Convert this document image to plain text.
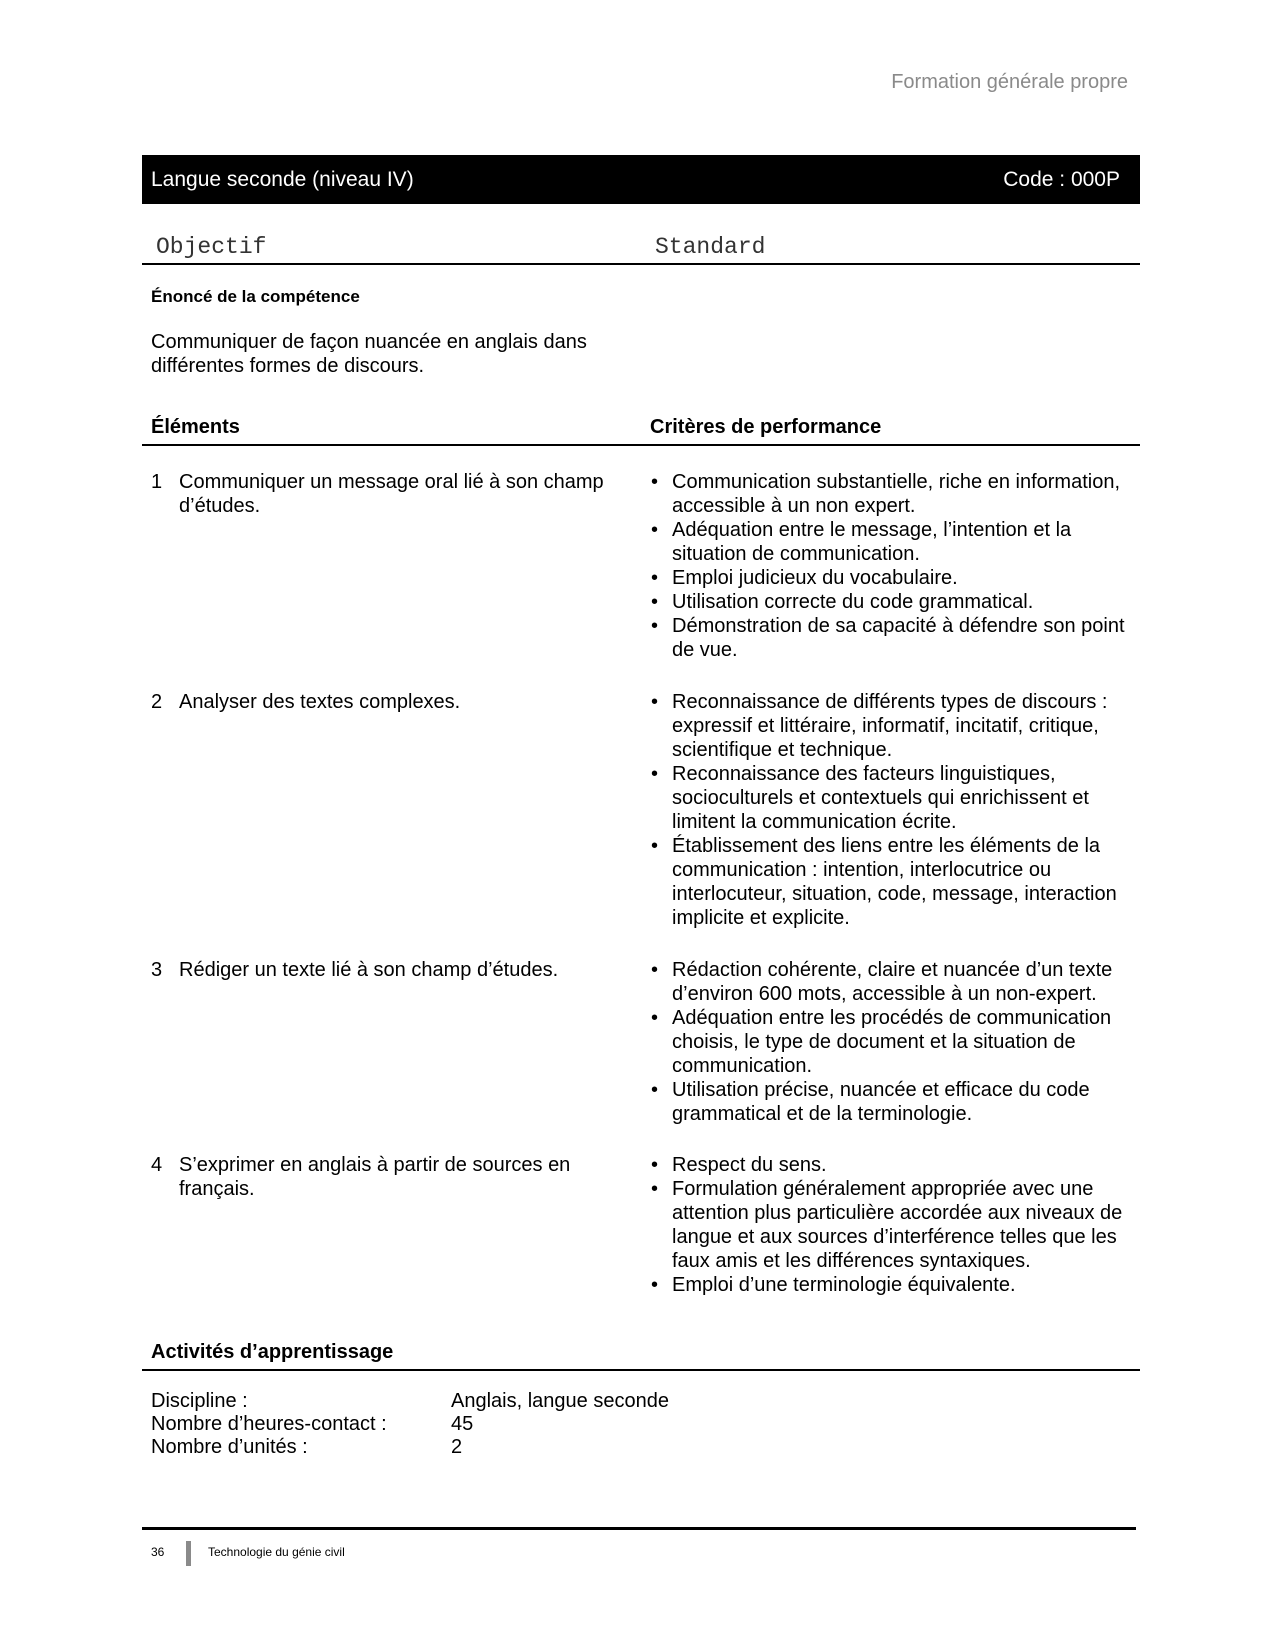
Formation générale propre
Langue seconde (niveau IV)	Code : 000P
Objectif	Standard
Énoncé de la compétence
Communiquer de façon nuancée en anglais dans différentes formes de discours.
Éléments	Critères de performance
1 Communiquer un message oral lié à son champ d’études.
• Communication substantielle, riche en information, accessible à un non expert.
• Adéquation entre le message, l’intention et la situation de communication.
• Emploi judicieux du vocabulaire.
• Utilisation correcte du code grammatical.
• Démonstration de sa capacité à défendre son point de vue.
2 Analyser des textes complexes.	• Reconnaissance de différents types de discours : expressif et littéraire, informatif, incitatif, critique, scientifique et technique.
• Reconnaissance des facteurs linguistiques, socioculturels et contextuels qui enrichissent et limitent la communication écrite.
• Établissement des liens entre les éléments de la communication : intention, interlocutrice ou interlocuteur, situation, code, message, interaction implicite et explicite.
3 Rédiger un texte lié à son champ d’études.	• Rédaction cohérente, claire et nuancée d’un texte d’environ 600 mots, accessible à un non-expert.
• Adéquation entre les procédés de communication choisis, le type de document et la situation de communication.
• Utilisation précise, nuancée et efficace du code grammatical et de la terminologie.
4 S’exprimer en anglais à partir de sources en français.
• Respect du sens.
• Formulation généralement appropriée avec une attention plus particulière accordée aux niveaux de langue et aux sources d’interférence telles que les faux amis et les différences syntaxiques.
• Emploi d’une terminologie équivalente.
Activités d’apprentissage
Discipline :	Anglais, langue seconde
Nombre d’heures-contact :	45
Nombre d’unités :	2
36	Technologie du génie civil
